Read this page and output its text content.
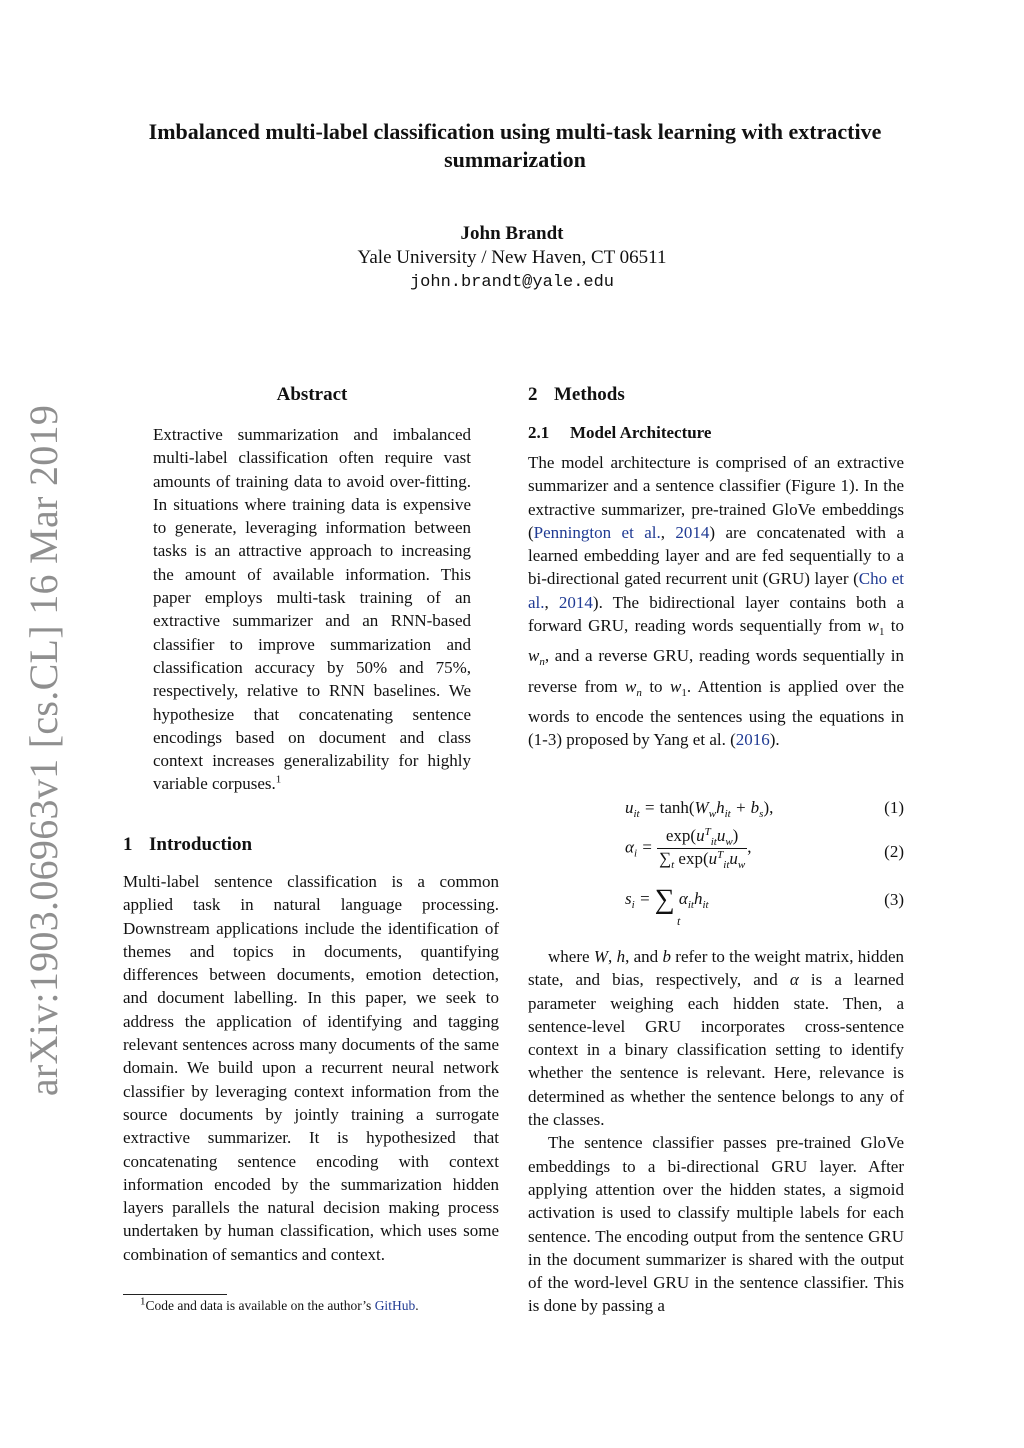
arXiv:1903.06963v1 [cs.CL] 16 Mar 2019
Imbalanced multi-label classification using multi-task learning with extractive summarization
John Brandt
Yale University / New Haven, CT 06511
john.brandt@yale.edu
Abstract
Extractive summarization and imbalanced multi-label classification often require vast amounts of training data to avoid over-fitting. In situations where training data is expensive to generate, leveraging information between tasks is an attractive approach to increasing the amount of available information. This paper employs multi-task training of an extractive summarizer and an RNN-based classifier to improve summarization and classification accuracy by 50% and 75%, respectively, relative to RNN baselines. We hypothesize that concatenating sentence encodings based on document and class context increases generalizability for highly variable corpuses.$^1$
1 Introduction

Multi-label sentence classification is a common applied task in natural language processing. Downstream applications include the identification of themes and topics in documents, quantifying differences between documents, emotion detection, and document labelling. In this paper, we seek to address the application of identifying and tagging relevant sentences across many documents of the same domain. We build upon a recurrent neural network classifier by leveraging context information from the source documents by jointly training a surrogate extractive summarizer. It is hypothesized that concatenating sentence encoding with context information encoded by the summarization hidden layers parallels the natural decision making process undertaken by human classification, which uses some combination of semantics and context.

$^1$Code and data is available on the author’s GitHub.
2 Methods
2.1 Model Architecture

The model architecture is comprised of an extractive summarizer and a sentence classifier (Figure 1). In the extractive summarizer, pre-trained GloVe embeddings (Pennington et al., 2014) are concatenated with a learned embedding layer and are fed sequentially to a bi-directional gated recurrent unit (GRU) layer (Cho et al., 2014). The bidirectional layer contains both a forward GRU, reading words sequentially from $w_1$ to $w_n$, and a reverse GRU, reading words sequentially in reverse from $w_n$ to $w_1$. Attention is applied over the words to encode the sentences using the equations in (1-3) proposed by Yang et al. (2016).

$u_{it} = \tanh(W_wh_{it} + b_s)$,	(1)
$\alpha_i = \frac{\exp(u^T_{it}u_w)}{\sum_t \exp(u^T_{it}u_w}$ ,	(2)
$s_i$ = ∑ $\alpha_{it}h_{it}$
t
(3)

where W, h, and b refer to the weight matrix, hidden state, and bias, respectively, and α is a learned parameter weighing each hidden state. Then, a sentence-level GRU incorporates cross-sentence context in a binary classification setting to identify whether the sentence is relevant. Here, relevance is determined as whether the sentence belongs to any of the classes.

The sentence classifier passes pre-trained GloVe embeddings to a bi-directional GRU layer. After applying attention over the hidden states, a sigmoid activation is used to classify multiple labels for each sentence. The encoding output from the sentence GRU in the document summarizer is shared with the output of the word-level GRU in the sentence classifier. This is done by passing a
